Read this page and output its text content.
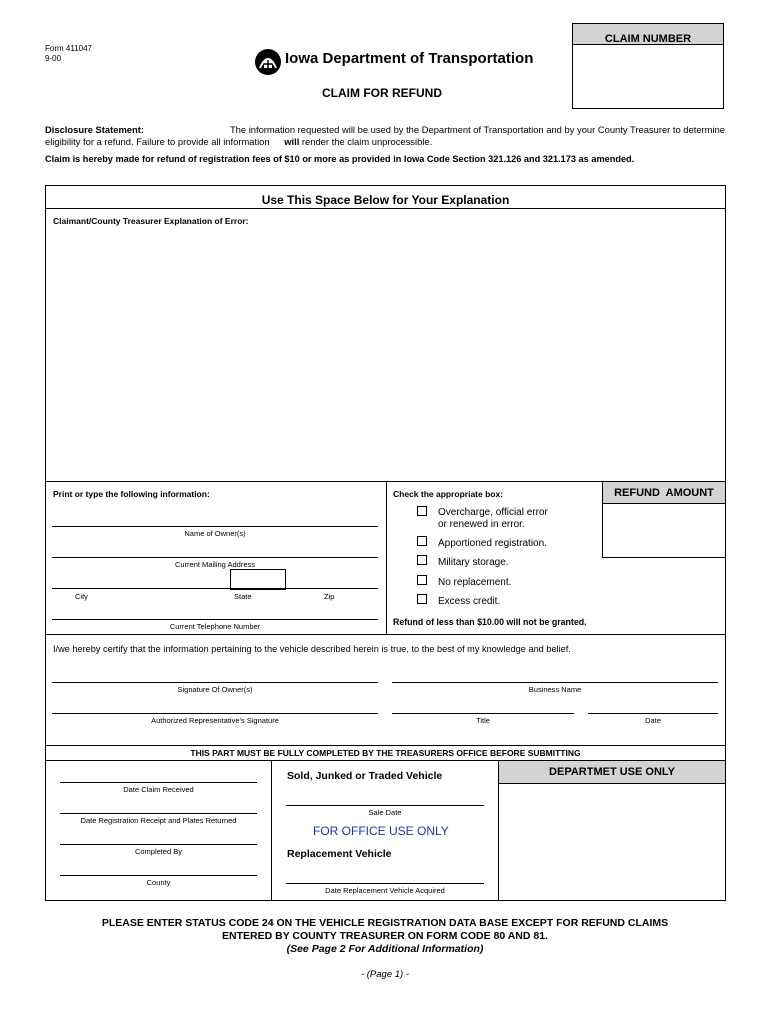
Form 411047
9-00	Iowa Department of Transportation
CLAIM FOR REFUND
CLAIM NUMBER
Disclosure Statement:	The information requested will be used by the Department of Transportation and by your County Treasurer to determine
eligibility for a refund. Failure to provide all information will render the claim unprocessible.
Claim is hereby made for refund of registration fees of $10 or more as provided in Iowa Code Section 321.126 and 321.173 as amended.
Use This Space Below for Your Explanation
Claimant/County Treasurer Explanation of Error:
Print or type the following information:
Name of Owner(s)
Current Mailing Address
City	State	Zip
Current Telephone Number
Check the appropriate box:
Overcharge, official error
or renewed in error.
Apportioned registration.
Military storage.
No replacement.
Excess credit.
Refund of less than $10.00 will not be granted.
REFUND  AMOUNT
I/we hereby certify that the information pertaining to the vehicle described herein is true, to the best of my knowledge and belief.
Signature Of Owner(s)	Business Name
Authorized Representative's Signature	Title	Date
THIS PART MUST BE FULLY COMPLETED BY THE TREASURERS OFFICE BEFORE SUBMITTING
Date Claim Received
Date Registration Receipt and Plates Returned
Completed By
County
Sold, Junked or Traded Vehicle
Sale Date
FOR OFFICE USE ONLY
Replacement Vehicle
Date Replacement Vehicle Acquired
DEPARTMET USE ONLY
PLEASE ENTER STATUS CODE 24 ON THE VEHICLE REGISTRATION DATA BASE EXCEPT FOR REFUND CLAIMS
ENTERED BY COUNTY TREASURER ON FORM CODE 80 AND 81.
(See Page 2 For Additional Information)
- (Page 1) -
